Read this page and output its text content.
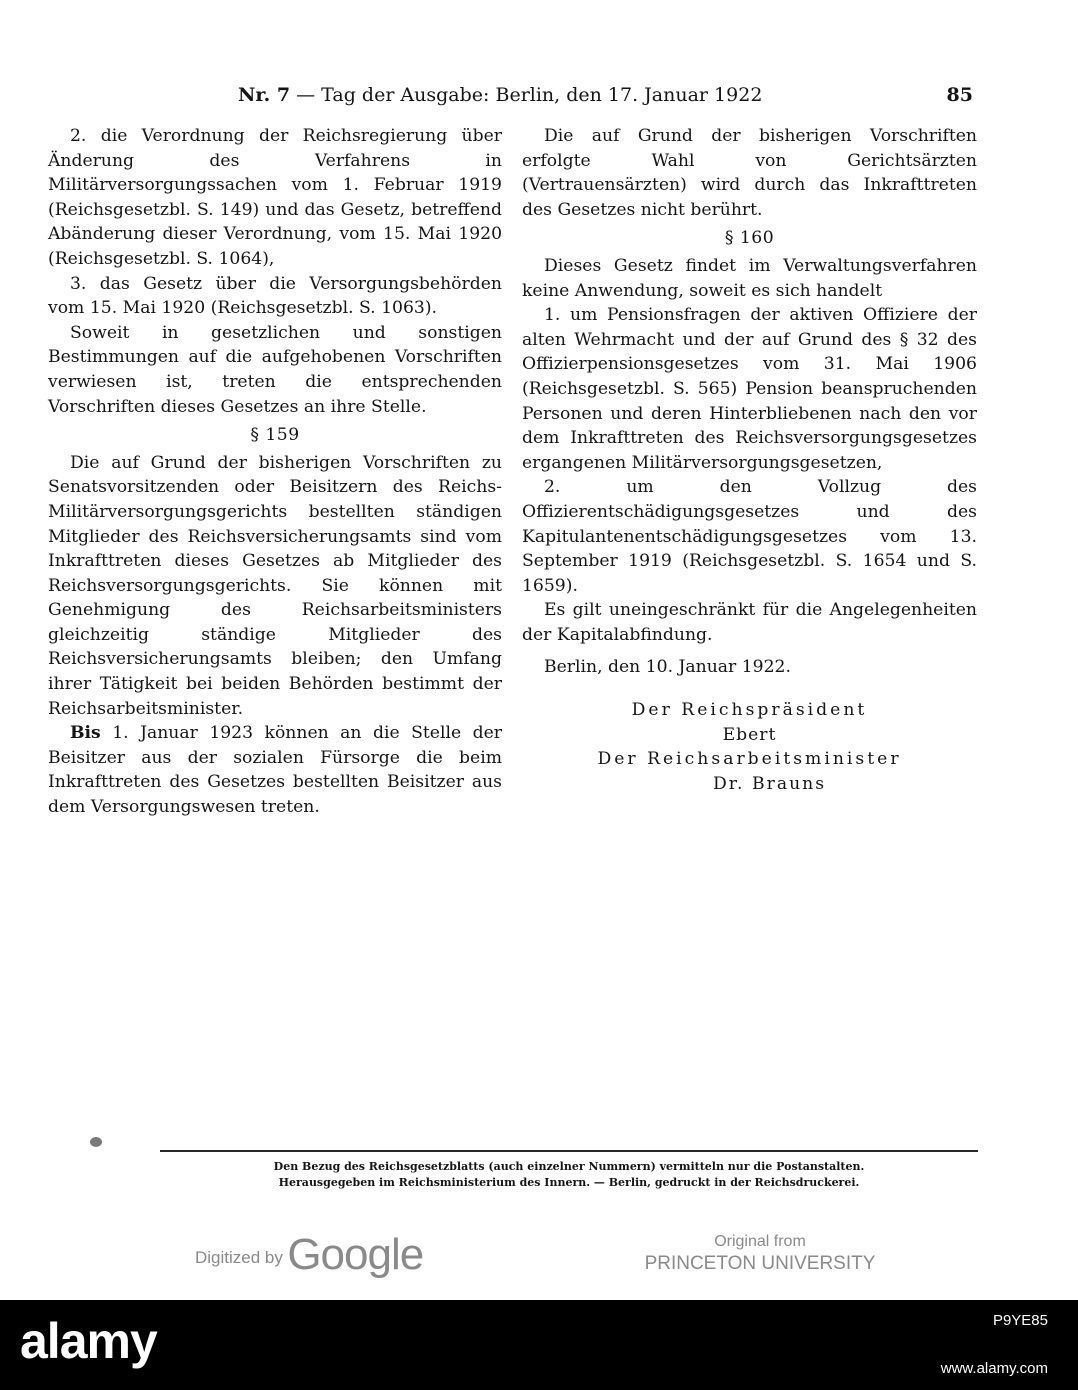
Nr. 7 — Tag der Ausgabe: Berlin, den 17. Januar 1922	85

2. die Verordnung der Reichsregierung über Änderung des Verfahrens in Militärversorgungssachen vom 1. Februar 1919 (Reichsgesetzbl. S. 149) und das Gesetz, betreffend Abänderung dieser Verordnung, vom 15. Mai 1920 (Reichsgesetzbl. S. 1064),

3. das Gesetz über die Versorgungsbehörden vom 15. Mai 1920 (Reichsgesetzbl. S. 1063).

Soweit in gesetzlichen und sonstigen Bestimmungen auf die aufgehobenen Vorschriften verwiesen ist, treten die entsprechenden Vorschriften dieses Gesetzes an ihre Stelle.

§ 159

Die auf Grund der bisherigen Vorschriften zu Senatsvorsitzenden oder Beisitzern des Reichs-Militärversorgungsgerichts bestellten ständigen Mitglieder des Reichsversicherungsamts sind vom Inkrafttreten dieses Gesetzes ab Mitglieder des Reichsversorgungsgerichts. Sie können mit Genehmigung des Reichsarbeitsministers gleichzeitig ständige Mitglieder des Reichsversicherungsamts bleiben; den Umfang ihrer Tätigkeit bei beiden Behörden bestimmt der Reichsarbeitsminister.

Bis 1. Januar 1923 können an die Stelle der Beisitzer aus der sozialen Fürsorge die beim Inkrafttreten des Gesetzes bestellten Beisitzer aus dem Versorgungswesen treten.

Die auf Grund der bisherigen Vorschriften erfolgte Wahl von Gerichtsärzten (Vertrauensärzten) wird durch das Inkrafttreten des Gesetzes nicht berührt.

§ 160

Dieses Gesetz findet im Verwaltungsverfahren keine Anwendung, soweit es sich handelt

1. um Pensionsfragen der aktiven Offiziere der alten Wehrmacht und der auf Grund des § 32 des Offizierpensionsgesetzes vom 31. Mai 1906 (Reichsgesetzbl. S. 565) Pension beanspruchenden Personen und deren Hinterbliebenen nach den vor dem Inkrafttreten des Reichsversorgungsgesetzes ergangenen Militärversorgungsgesetzen,

2. um den Vollzug des Offizierentschädigungsgesetzes und des Kapitulantenentschädigungsgesetzes vom 13. September 1919 (Reichsgesetzbl. S. 1654 und S. 1659).

Es gilt uneingeschränkt für die Angelegenheiten der Kapitalabfindung.

Berlin, den 10. Januar 1922.

Der Reichspräsident

Ebert

Der Reichsarbeitsminister

Dr. Brauns

Den Bezug des Reichsgesetzblatts (auch einzelner Nummern) vermitteln nur die Postanstalten.
Herausgegeben im Reichsministerium des Innern. — Berlin, gedruckt in der Reichsdruckerei.
Digitized by Google	Original from
PRINCETON UNIVERSITY
alamy	P9YE85
www.alamy.com
